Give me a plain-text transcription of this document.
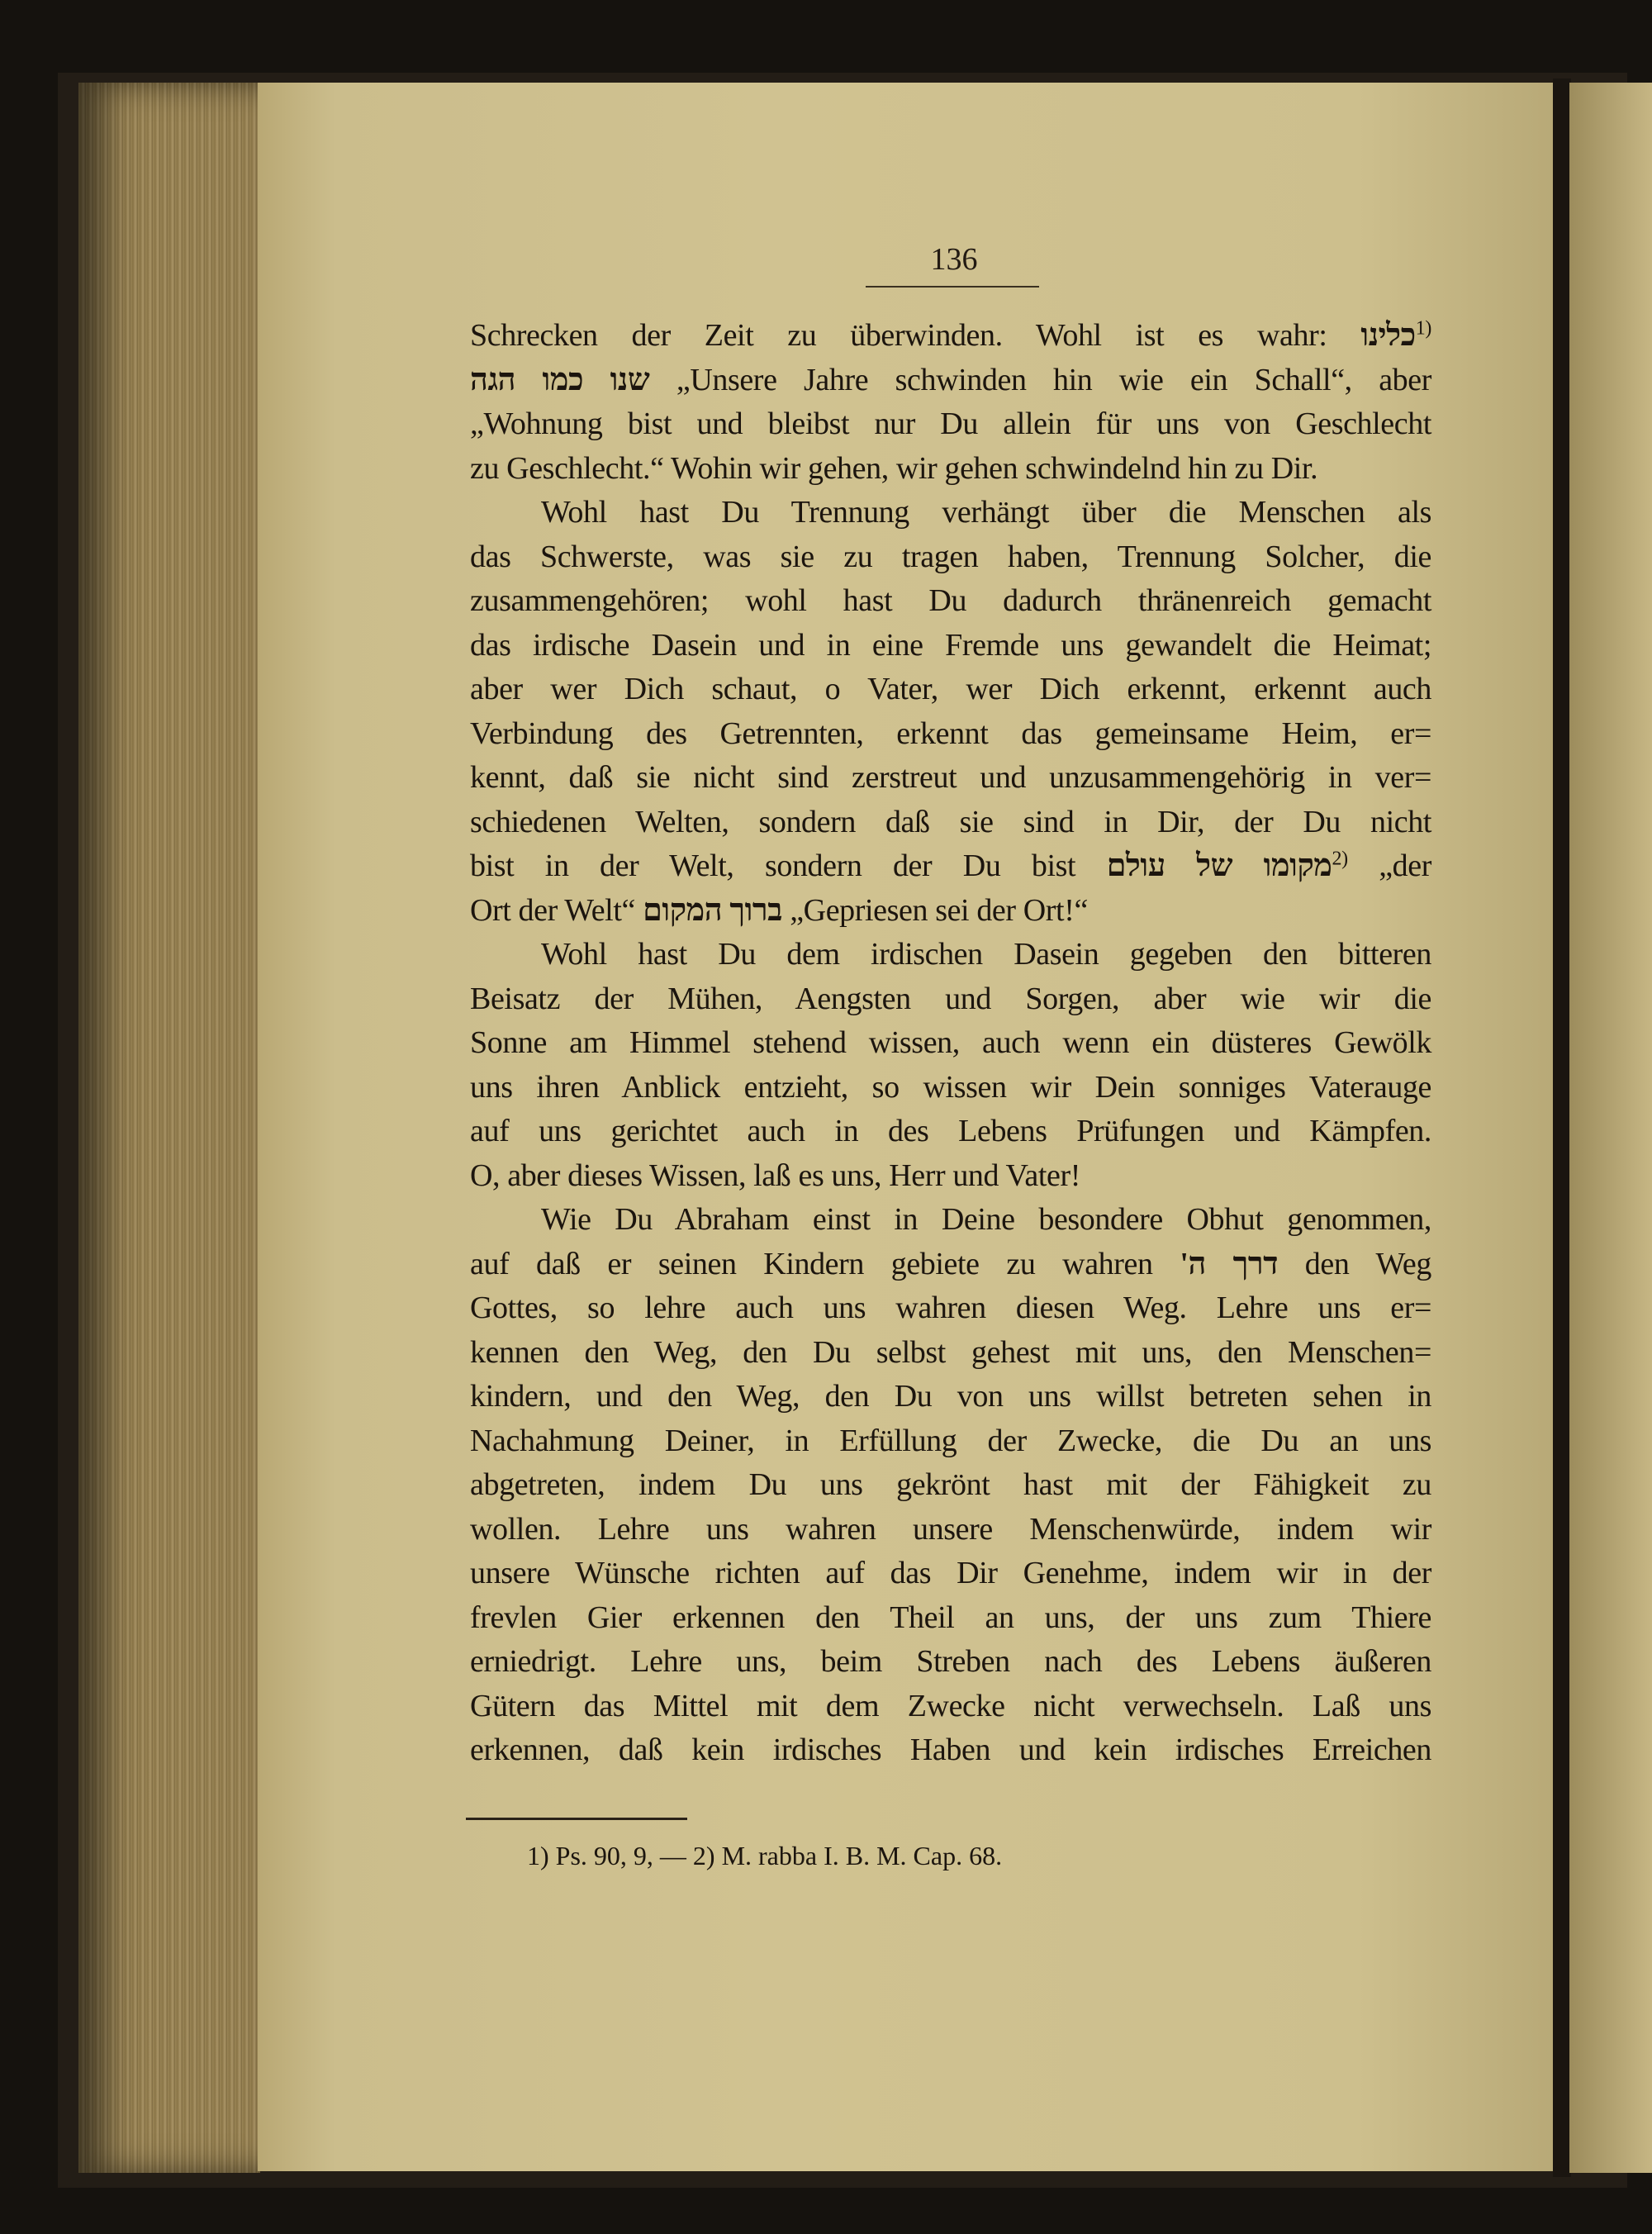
136
Schrecken der Zeit zu überwinden. Wohl ist es wahr: כלינו$^{1)}$
שנו כמו הגה „Unsere Jahre schwinden hin wie ein Schall“, aber
„Wohnung bist und bleibst nur Du allein für uns von Geschlecht
zu Geschlecht.“ Wohin wir gehen, wir gehen schwindelnd hin zu Dir.
Wohl hast Du Trennung verhängt über die Menschen als
das Schwerste, was sie zu tragen haben, Trennung Solcher, die
zusammengehören; wohl hast Du dadurch thränenreich gemacht
das irdische Dasein und in eine Fremde uns gewandelt die Heimat;
aber wer Dich schaut, o Vater, wer Dich erkennt, erkennt auch
Verbindung des Getrennten, erkennt das gemeinsame Heim, er=
kennt, daß sie nicht sind zerstreut und unzusammengehörig in ver=
schiedenen Welten, sondern daß sie sind in Dir, der Du nicht
bist in der Welt, sondern der Du bist מקומו של עולם$^{2)}$ „der
Ort der Welt“ ברוך המקום „Gepriesen sei der Ort!“
Wohl hast Du dem irdischen Dasein gegeben den bitteren
Beisatz der Mühen, Aengsten und Sorgen, aber wie wir die
Sonne am Himmel stehend wissen, auch wenn ein düsteres Gewölk
uns ihren Anblick entzieht, so wissen wir Dein sonniges Vaterauge
auf uns gerichtet auch in des Lebens Prüfungen und Kämpfen.
O, aber dieses Wissen, laß es uns, Herr und Vater!
Wie Du Abraham einst in Deine besondere Obhut genommen,
auf daß er seinen Kindern gebiete zu wahren דרך ה' den Weg
Gottes, so lehre auch uns wahren diesen Weg. Lehre uns er=
kennen den Weg, den Du selbst gehest mit uns, den Menschen=
kindern, und den Weg, den Du von uns willst betreten sehen in
Nachahmung Deiner, in Erfüllung der Zwecke, die Du an uns
abgetreten, indem Du uns gekrönt hast mit der Fähigkeit zu
wollen. Lehre uns wahren unsere Menschenwürde, indem wir
unsere Wünsche richten auf das Dir Genehme, indem wir in der
frevlen Gier erkennen den Theil an uns, der uns zum Thiere
erniedrigt. Lehre uns, beim Streben nach des Lebens äußeren
Gütern das Mittel mit dem Zwecke nicht verwechseln. Laß uns
erkennen, daß kein irdisches Haben und kein irdisches Erreichen
1) Ps. 90, 9, — 2) M. rabba I. B. M. Cap. 68.
